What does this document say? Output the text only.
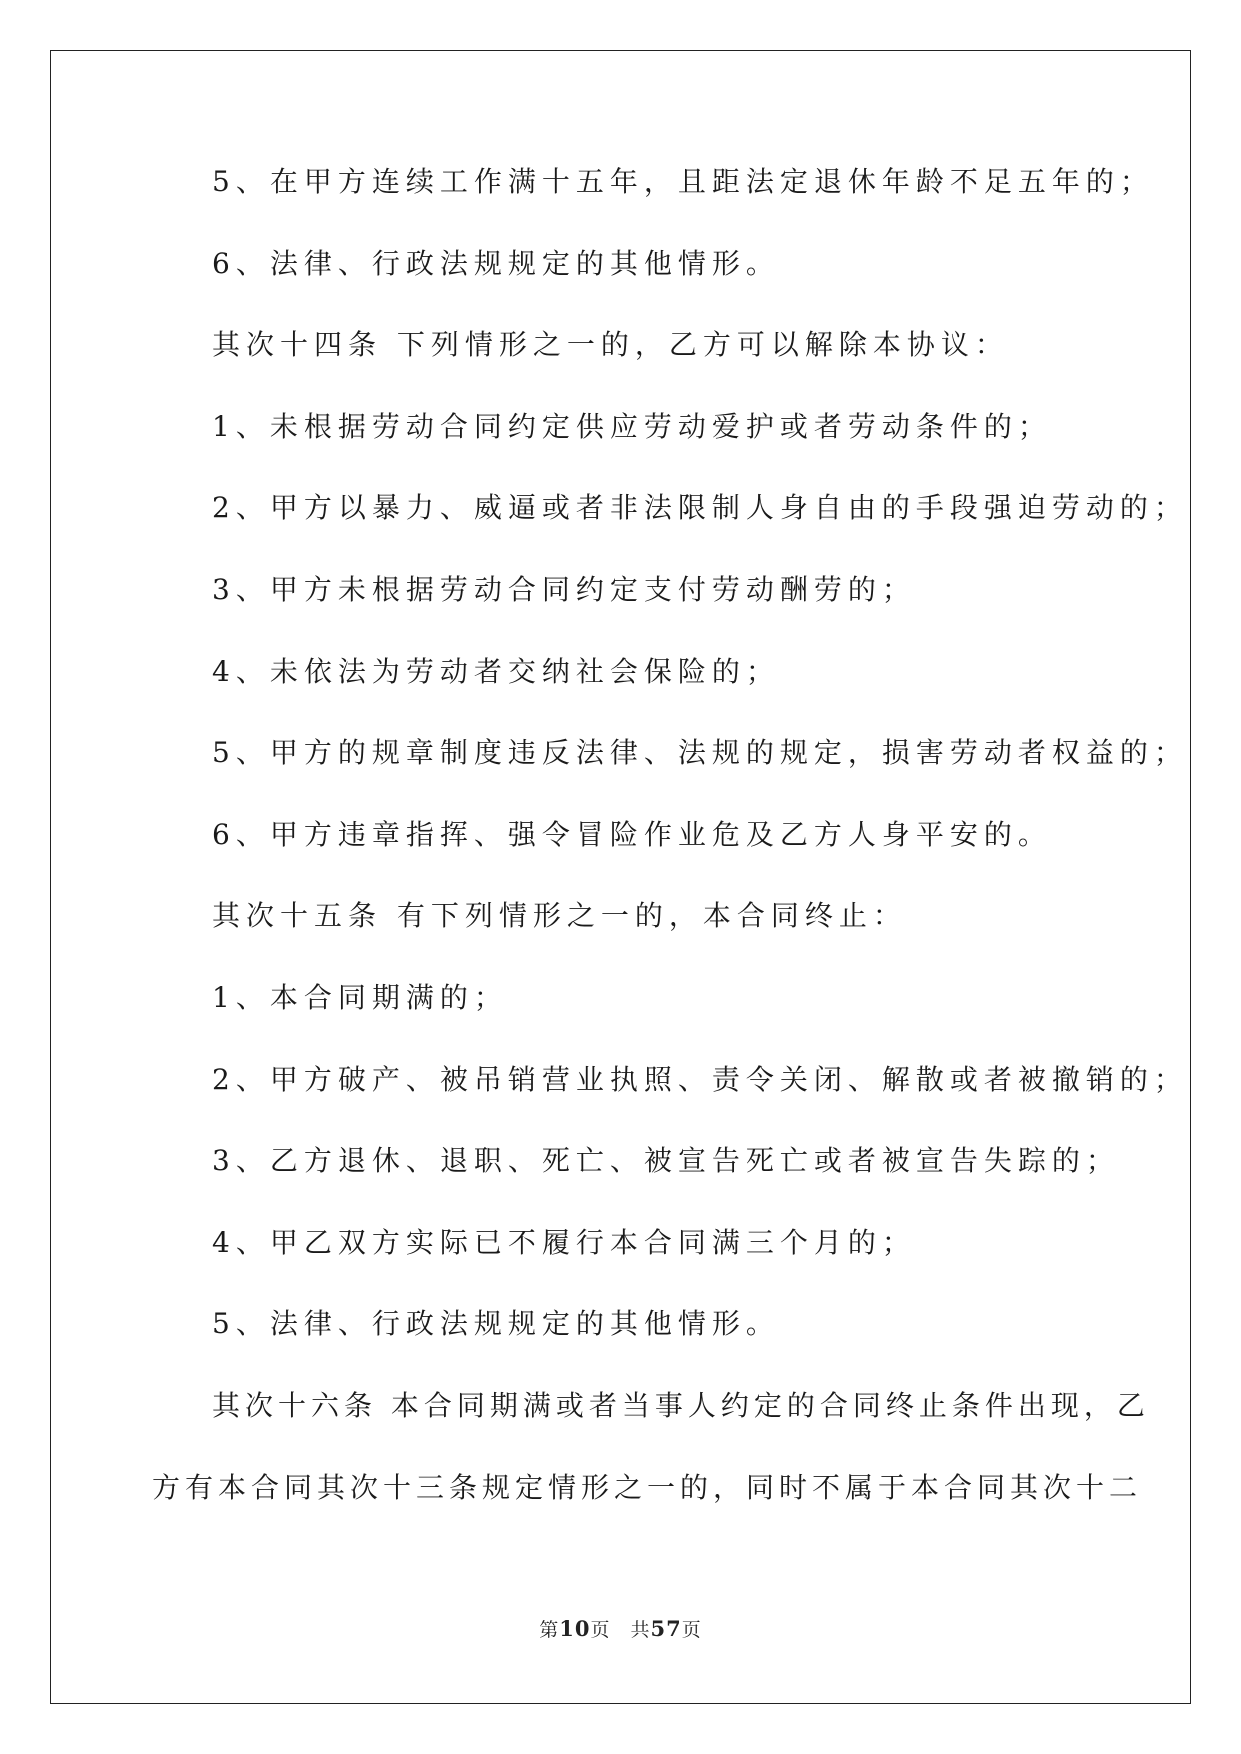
5、在甲方连续工作满十五年，且距法定退休年龄不足五年的；

6、法律、行政法规规定的其他情形。

其次十四条 下列情形之一的，乙方可以解除本协议：

1、未根据劳动合同约定供应劳动爱护或者劳动条件的；

2、甲方以暴力、威逼或者非法限制人身自由的手段强迫劳动的；

3、甲方未根据劳动合同约定支付劳动酬劳的；

4、未依法为劳动者交纳社会保险的；

5、甲方的规章制度违反法律、法规的规定，损害劳动者权益的；

6、甲方违章指挥、强令冒险作业危及乙方人身平安的。

其次十五条 有下列情形之一的，本合同终止：

1、本合同期满的；

2、甲方破产、被吊销营业执照、责令关闭、解散或者被撤销的；

3、乙方退休、退职、死亡、被宣告死亡或者被宣告失踪的；

4、甲乙双方实际已不履行本合同满三个月的；

5、法律、行政法规规定的其他情形。

其次十六条 本合同期满或者当事人约定的合同终止条件出现，乙

方有本合同其次十三条规定情形之一的，同时不属于本合同其次十二

第10页　共57页
